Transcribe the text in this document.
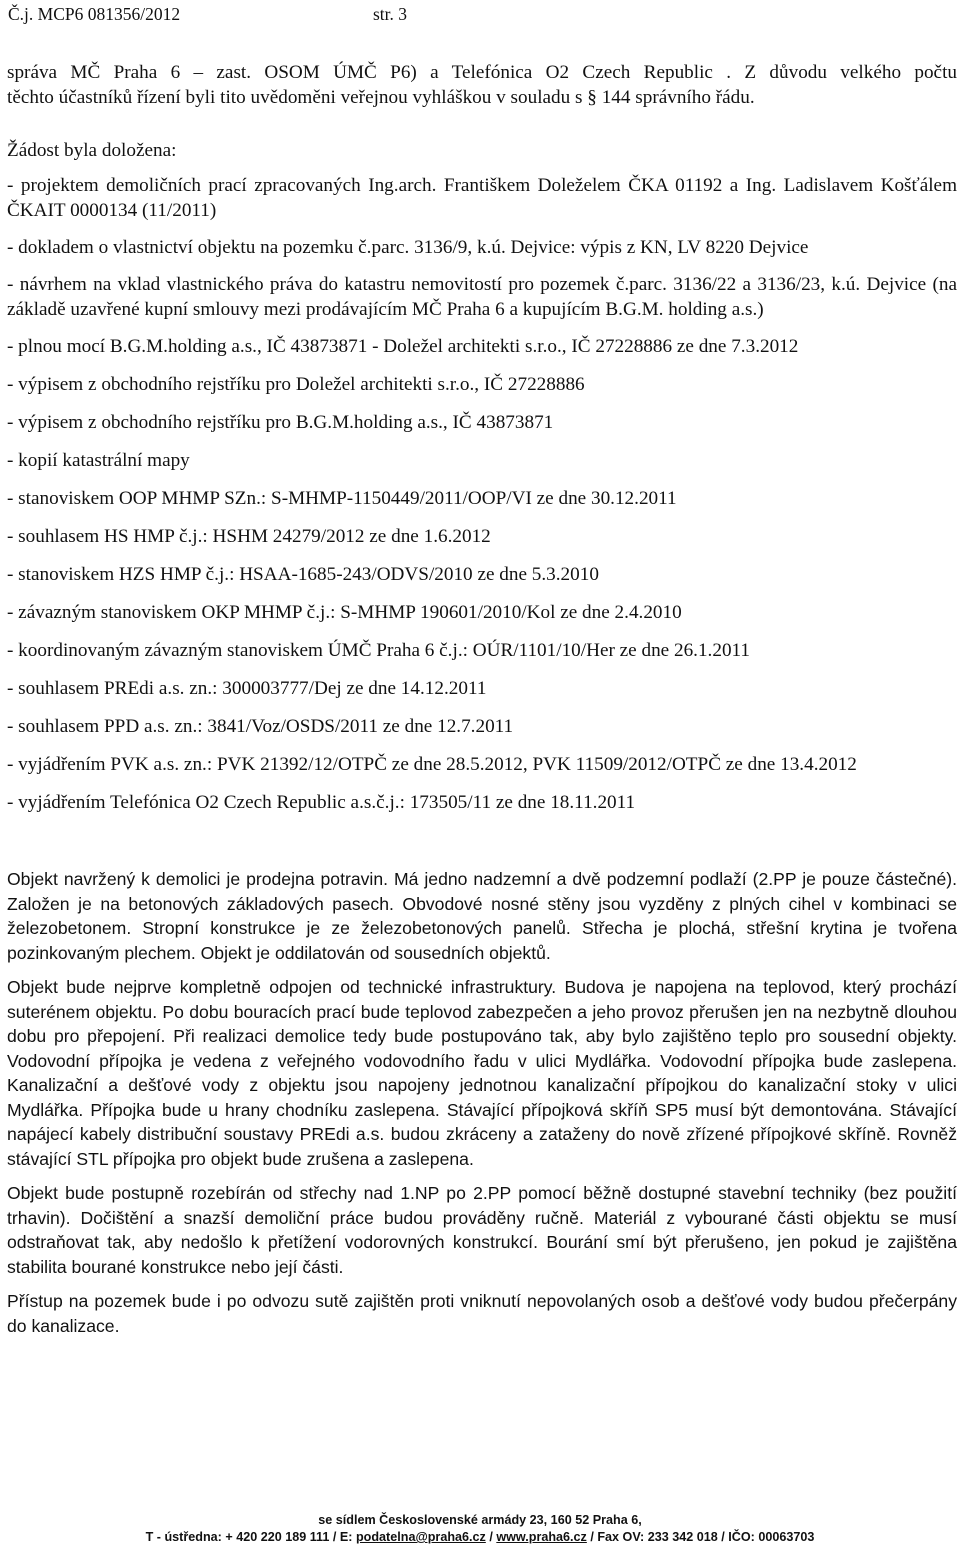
Č.j. MCP6 081356/2012	str. 3

správa MČ Praha 6 – zast. OSOM ÚMČ P6) a Telefónica O2 Czech Republic . Z důvodu velkého počtu

těchto účastníků řízení byli tito uvědoměni veřejnou vyhláškou v souladu s § 144 správního řádu.

Žádost byla doložena:

- projektem demoličních prací zpracovaných Ing.arch. Františkem Doleželem ČKA 01192 a Ing. Ladislavem Košťálem ČKAIT 0000134 (11/2011)

- dokladem o vlastnictví objektu na pozemku č.parc. 3136/9, k.ú. Dejvice: výpis z KN, LV 8220 Dejvice

- návrhem na vklad vlastnického práva do katastru nemovitostí pro pozemek č.parc. 3136/22 a 3136/23, k.ú. Dejvice (na základě uzavřené kupní smlouvy mezi prodávajícím MČ Praha 6 a kupujícím B.G.M. holding a.s.)

- plnou mocí B.G.M.holding a.s., IČ 43873871 - Doležel architekti s.r.o., IČ 27228886 ze dne 7.3.2012

- výpisem z obchodního rejstříku pro Doležel architekti s.r.o., IČ 27228886

- výpisem z obchodního rejstříku pro B.G.M.holding a.s., IČ 43873871

- kopií katastrální mapy

- stanoviskem OOP MHMP SZn.: S-MHMP-1150449/2011/OOP/VI ze dne 30.12.2011

- souhlasem HS HMP č.j.: HSHM 24279/2012 ze dne 1.6.2012

- stanoviskem HZS HMP č.j.: HSAA-1685-243/ODVS/2010 ze dne 5.3.2010

- závazným stanoviskem OKP MHMP č.j.: S-MHMP 190601/2010/Kol ze dne 2.4.2010

- koordinovaným závazným stanoviskem ÚMČ Praha 6 č.j.: OÚR/1101/10/Her ze dne 26.1.2011

- souhlasem PREdi a.s. zn.: 300003777/Dej ze dne 14.12.2011

- souhlasem PPD a.s. zn.: 3841/Voz/OSDS/2011 ze dne 12.7.2011

- vyjádřením PVK a.s. zn.: PVK 21392/12/OTPČ ze dne 28.5.2012, PVK 11509/2012/OTPČ ze dne 13.4.2012

- vyjádřením Telefónica O2 Czech Republic a.s.č.j.: 173505/11 ze dne 18.11.2011

Objekt navržený k demolici je prodejna potravin. Má jedno nadzemní a dvě podzemní podlaží (2.PP je pouze částečné). Založen je na betonových základových pasech. Obvodové nosné stěny jsou vyzděny z plných cihel v kombinaci se železobetonem. Stropní konstrukce je ze železobetonových panelů. Střecha je plochá, střešní krytina je tvořena pozinkovaným plechem. Objekt je oddilatován od sousedních objektů.

Objekt bude nejprve kompletně odpojen od technické infrastruktury. Budova je napojena na teplovod, který prochází suterénem objektu. Po dobu bouracích prací bude teplovod zabezpečen a jeho provoz přerušen jen na nezbytně dlouhou dobu pro přepojení. Při realizaci demolice tedy bude postupováno tak, aby bylo zajištěno teplo pro sousední objekty. Vodovodní přípojka je vedena z veřejného vodovodního řadu v ulici Mydlářka. Vodovodní přípojka bude zaslepena. Kanalizační a dešťové vody z objektu jsou napojeny jednotnou kanalizační přípojkou do kanalizační stoky v ulici Mydlářka. Přípojka bude u hrany chodníku zaslepena. Stávající přípojková skříň SP5 musí být demontována. Stávající napájecí kabely distribuční soustavy PREdi a.s. budou zkráceny a zataženy do nově zřízené přípojkové skříně. Rovněž stávající STL přípojka pro objekt bude zrušena a zaslepena.

Objekt bude postupně rozebírán od střechy nad 1.NP po 2.PP pomocí běžně dostupné stavební techniky (bez použití trhavin). Dočištění a snazší demoliční práce budou prováděny ručně. Materiál z vybourané části objektu se musí odstraňovat tak, aby nedošlo k přetížení vodorovných konstrukcí. Bourání smí být přerušeno, jen pokud je zajištěna stabilita bourané konstrukce nebo její části.

Přístup na pozemek bude i po odvozu sutě zajištěn proti vniknutí nepovolaných osob a dešťové vody budou přečerpány do kanalizace.

se sídlem Československé armády 23, 160 52 Praha 6,
T - ústředna: + 420 220 189 111 / E: podatelna@praha6.cz / www.praha6.cz / Fax OV: 233 342 018 / IČO: 00063703
